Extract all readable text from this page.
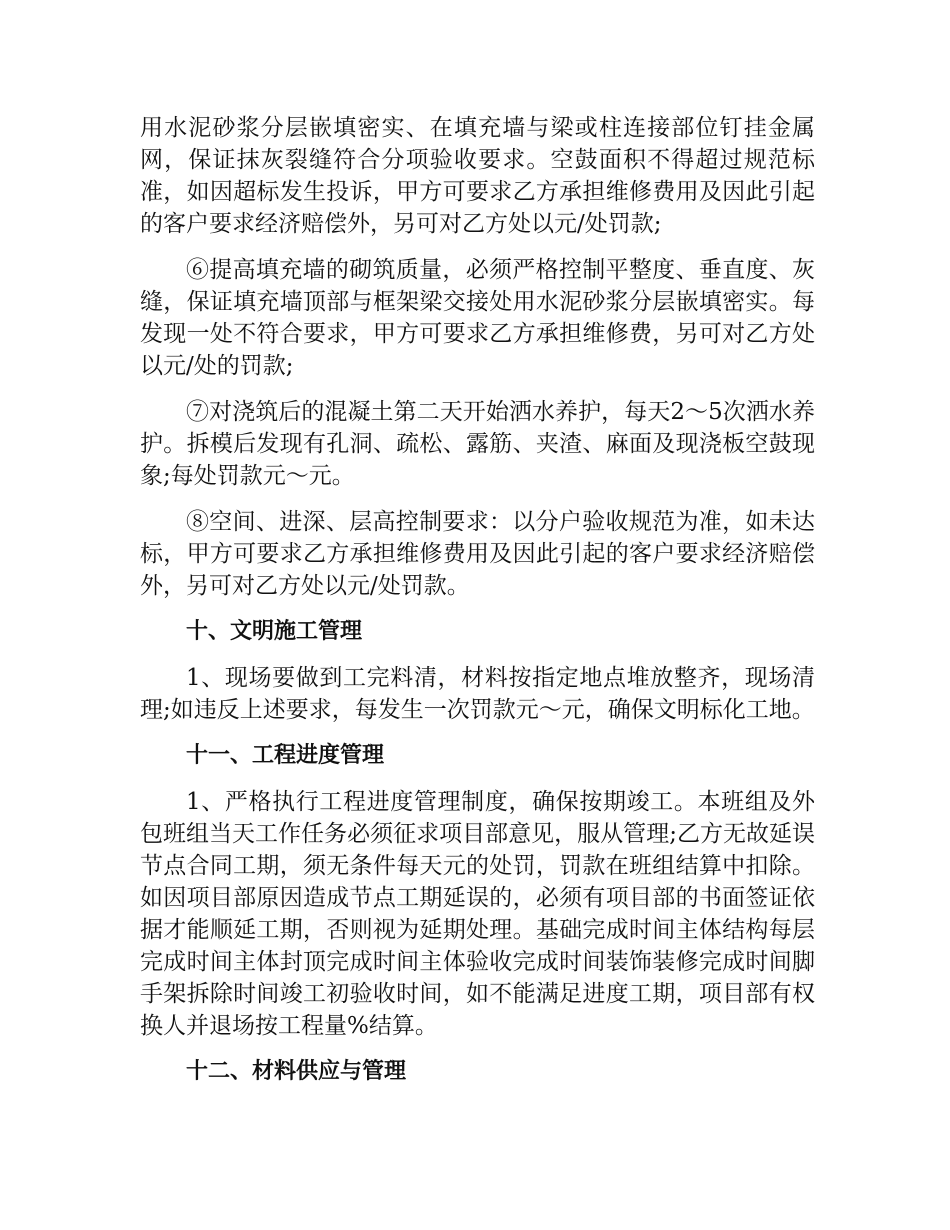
用水泥砂浆分层嵌填密实、在填充墙与梁或柱连接部位钉挂金属网，保证抹灰裂缝符合分项验收要求。空鼓面积不得超过规范标准，如因超标发生投诉，甲方可要求乙方承担维修费用及因此引起的客户要求经济赔偿外，另可对乙方处以元/处罚款;

⑥提高填充墙的砌筑质量，必须严格控制平整度、垂直度、灰缝，保证填充墙顶部与框架梁交接处用水泥砂浆分层嵌填密实。每发现一处不符合要求，甲方可要求乙方承担维修费，另可对乙方处以元/处的罚款;

⑦对浇筑后的混凝土第二天开始洒水养护，每天2～5次洒水养护。拆模后发现有孔洞、疏松、露筋、夹渣、麻面及现浇板空鼓现象;每处罚款元～元。

⑧空间、进深、层高控制要求：以分户验收规范为准，如未达标，甲方可要求乙方承担维修费用及因此引起的客户要求经济赔偿外，另可对乙方处以元/处罚款。

十、文明施工管理

1、现场要做到工完料清，材料按指定地点堆放整齐，现场清理;如违反上述要求，每发生一次罚款元～元，确保文明标化工地。

十一、工程进度管理

1、严格执行工程进度管理制度，确保按期竣工。本班组及外包班组当天工作任务必须征求项目部意见，服从管理;乙方无故延误节点合同工期，须无条件每天元的处罚，罚款在班组结算中扣除。如因项目部原因造成节点工期延误的，必须有项目部的书面签证依据才能顺延工期，否则视为延期处理。基础完成时间主体结构每层完成时间主体封顶完成时间主体验收完成时间装饰装修完成时间脚手架拆除时间竣工初验收时间，如不能满足进度工期，项目部有权换人并退场按工程量%结算。

十二、材料供应与管理
